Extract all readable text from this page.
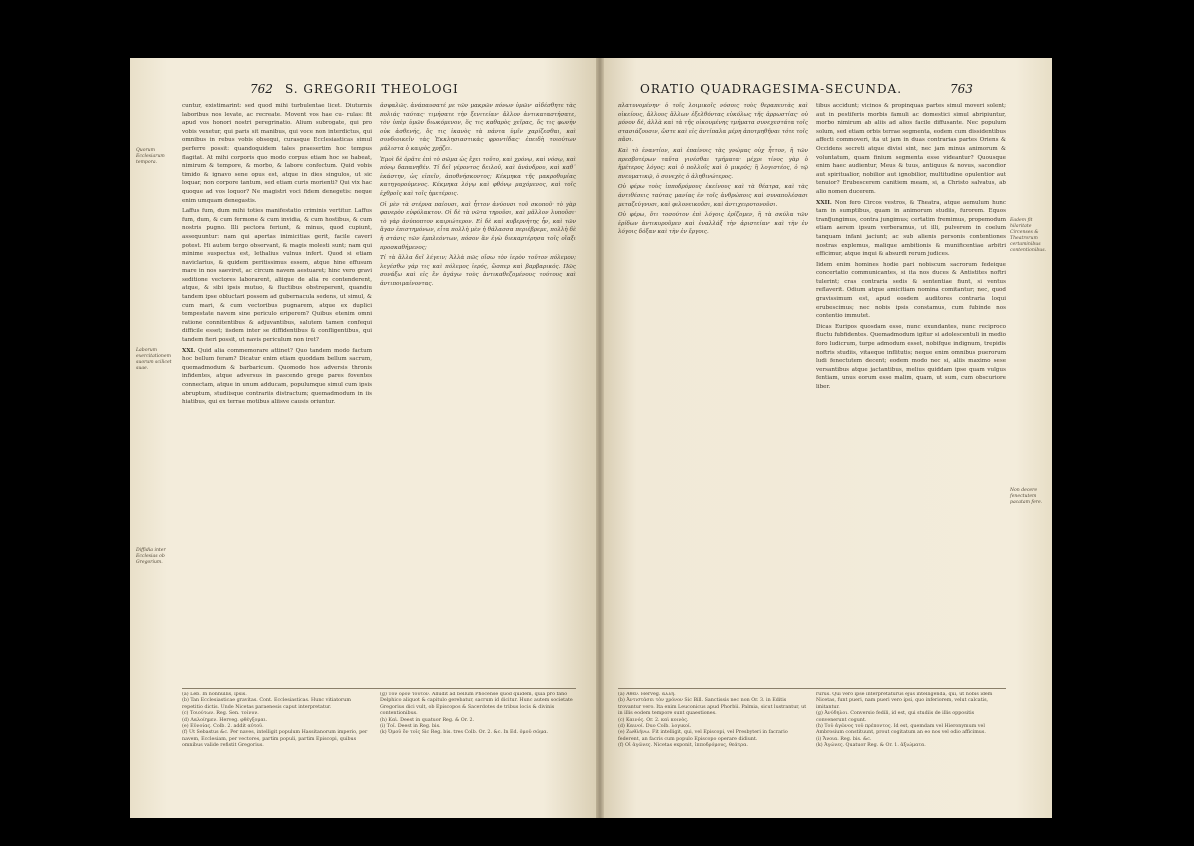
762 S. GREGORII THEOLOGI
Quorum Ecclesiarum tempora.
Laborum exercitationem suorum scilicet suae.
Diffidia inter Ecclesias ob Gregorium.

cuntur, existimarint: sed quod mihi turbulentae licet. Diuturnis laboribus nos levate, ac recreate. Movent vos hae cu- rulas: fit apud vos honori nostri peregrinatio. Alium subrogate, qui pro vobis vexetur, qui paris sit manibus, qui voce non interdictus, qui omnibus in rebus vobis obsequi, curasque Ecclesiasticas simul perferre possit: quandoquidem tales praesertim hoc tempus flagitat. At mihi corporis quo modo corpus etiam hoc se habeat, nimirum & tempore, & morbo, & labore confectum. Quid vobis timido & ignavo sene opus est, atque in dies singulos, ut sic loquar, non corpore tantum, sed etiam curis morienti? Qui vix hac quoque ad vos loquor? Ne magistri voci fidem denegetis: neque enim umquam denegastis.

Laffus fum, dum mihi toties manifestatio criminis vertitur. Laffus fum, dum, & cum fermone & cum invidia, & cum hostibus, & cum nostris pugno. Illi pectora feriunt, & minus, quod cupiunt, assequuntur: nam qui apertas inimicitias gerit, facile caveri potest. Hi autem tergo observant, & magis molesti sunt; nam qui minime suspectus est, lethalius vulnus infert. Quod si etiam naviclarius, & quidem peritissimus essem, atque hine effusum mare in nos saeviret, ac circum navem aestuaret; hinc vero gravi seditione vectores laborarent, aliique de alia re contenderent, atque, & sibi ipsis mutuo, & fluctibus obstreperent, quandiu tandem ipse obluctari possem ad gubernacula sedens, ut simul, & cum mari, & cum vectoribus pugnarem, atque ex duplici tempestate navem sine periculo eriperem? Quibus etenim omni ratione connitentibus & adjuvantibus, salutem tamen confequi difficile esset; iisdem inter se diffidentibus & confligentibus, qui tandem fieri possit, ut navis periculum non iret?

XXI. Quid alia commemorare attinet? Quo tandem modo factum hoc bellum feram? Dicatur enim etiam quoddam bellum sacrum, quemadmodum & barbaricum. Quomodo hos adversis thronis infidentes, atque adversus in pascendo grege pares foventes connectam, atque in unum adducam, populumque simul cum ipsis abruptum, studiisque contrariis distractum; quemadmodum in iis hiatibus, qui ex terrae motibus aliisve causis oriuntur.

ἀσφαλῶς. ἀνάπαυσατέ με τῶν μακρῶν πόνων ὑμῶν· αἰδέσθητε τὰς πολιάς ταύτας· τιμήσατε τὴν ξενιτείαν· ἄλλον ἀντικαταστήσατε, τὸν ὑπὲρ ὑμῶν διωκόμενον, ὅς τις καθαρὸς χεῖρας, ὅς τις φωνὴν οὐκ ἀσθενής, ὅς τις ἱκανὸς τὰ πάντα ὑμῖν χαρίζεσθαι, καὶ συνδιοικεῖν τὰς Ἐκκλησιαστικὰς φροντίδας· ἐπειδὴ τοιούτων μάλιστα ὁ καιρὸς χρῄζει.

Ἐμοὶ δὲ ὁρᾶτε ἐπὶ τὸ σῶμα ὡς ἔχει τοῦτο, καὶ χρόνῳ, καὶ νόσῳ, καὶ πόνῳ δαπανηθέν. Τί δεῖ γέροντος δειλοῦ, καὶ ἀνάνδρου, καὶ καθ᾽ ἑκάστην, ὡς εἰπεῖν, ἀποθνήσκοντος; Κέκμηκα τῆς μακροθυμίας κατηγορούμενος. Κέκμηκα λόγῳ καὶ φθόνῳ μαχόμενος, καὶ τοῖς ἐχθροῖς καὶ τοῖς ἡμετέροις.

Οἱ μὲν τὰ στέρνα παίουσι, καὶ ἧττον ἀνύουσι τοῦ σκοποῦ· τὸ γὰρ φανερὸν εὐφύλακτον. Οἱ δὲ τὰ νῶτα τηροῦσι, καὶ μᾶλλον λυποῦσι· τὸ γὰρ ἀνύποπτον καιριώτερον. Εἰ δὲ καὶ κυβερνήτης ἦν, καὶ τῶν ἄγαν ἐπιστημόνων, εἶτα πολλὴ μὲν ἡ θάλασσα περιέβρεμε, πολλὴ δὲ ἡ στάσις τῶν ἐμπλεόντων, πόσον ἂν ἐγὼ διεκαρτέρησα τοῖς οἴαξι προσκαθήμενος;

Τί τὰ ἄλλα δεῖ λέγειν; Ἀλλὰ πῶς οἴσω τὸν ἱερὸν τοῦτον πόλεμον; λεγέσθω γάρ τις καὶ πόλεμος ἱερός, ὥσπερ καὶ βαρβαρικός. Πῶς συνάξω καὶ εἰς ἓν ἀγάγω τοὺς ἀντικαθεζομένους τούτους καὶ ἀντιποιμαίνοντας.

(a) Leb. In nonnullis, ipsis.
(b) Tan Ecclesiasticae gravitas. Cont. Ecclesiasticas. Hunc vitiatorum repetitio dictis. Unde Nicetas paraenesis caput interpretatur.
(c) Τοιούτων. Reg. Sen. τοίνυν.
(d) Λαλοίημεν. Herveg. φθέγξομαι.
(e) Εὐνοίας. Colb. 2. addit αὐτοῦ.
(f) Ut Sebastus &c. Per naves, intelligit populum Hassitanorum imperio, per navem, Ecclesiam, per vectores, partim populi, partim Episcopi, quibus omnibus valide refistit Gregorius.
(g) Τὸν ὅρον τοῦτον. Alludit ad bellum Phocense quod quidem, quia pro fano Delphico aliquot & capitulo gerebatur, sacrum id dicitur. Hunc autem societate Gregorius dici vult, ob Episcopos & Sacerdotes de tribus locis & divinis contentionibus.
(h) Καὶ. Deest in quatuor Reg. & Or. 2.
(i) Τοῖ. Deest in Reg. bis.
(k) Ὁμοῦ ὄν τοῖς Sic Reg. bis. tres Colb. Or. 2. &c. In Ed. ὁμοῦ σῶμα.
ORATIO QUADRAGESIMA-SECUNDA.	763

πλατυνομένην· ὁ τοῖς λοιμικοῖς νόσοις τοὺς θεραπευτὰς καὶ οἰκείους, ἄλλους ἄλλων ἐξελθόντας εὐκόλως τῆς ἀρρωστίας· οὐ μόνον δέ, ἀλλὰ καὶ τὰ τῆς οἰκουμένης τμήματα συνεχεστάτα τοῖς στασιάζουσιν, ὥστε καὶ εἰς ἀντίπαλα μέρη ἀποτμηθῆναι τότε τοῖς πᾶσι.

Καὶ τὸ ἐναντίον, καὶ ἐπαίνοις τὰς γνώμας οὐχ ἧττον, ἢ τῶν πρεσβυτέρων ταῦτα γινέσθαι τμήματα· μέχρι τίνος γὰρ ὁ ἡμέτερος λόγος; καὶ ὁ πολλοῖς καὶ ὁ μικρός; ἢ λογιστέος, ὁ τῷ πνευματικῷ, ὁ συνεχὲς ὁ ἀληθινώτερος.

Οὐ φέρω τοὺς ἱπποδρόμους ἐκείνους καὶ τὰ θέατρα, καὶ τὰς ἀντιθέσεις ταύτας μανίας ἐν τοῖς ἀνθρώποις καὶ συναπολέσασι μεταζεύγνυσι, καὶ φιλονεικοῦσι, καὶ ἀντιχειροτονοῦσι.

Οὐ φέρω, ὅτι τοσούτον ἐπὶ λόγοις ἐρίζομεν, ἢ τὰ σκύλα τῶν ἐρίδων ἀντικυροῦμεν καὶ ἐναλλάξ τὴν ἀριστείαν· καὶ τὴν ἐν λόγοις δόξαν καὶ τὴν ἐν ἔργοις.

tibus accidunt; vicinos & propinquas partes simul moveri solent; aut in pestiferis morbis famuli ac domestici simul abripiuntur, morbo nimirum ab aliis ad alios facile diffusante. Nec populum solum, sed etiam orbis terrae segmenta, eodem cum dissidentibus affecti commoveri, ita ut jam in duas contrarias partes Oriens & Occidens secreti atque divisi sint, nec jam minus animorum & voluntatum, quam finium segmenta esse videantur? Quousque enim haec audientur, Meus & tuus, antiquus & novus, sacondior aut spiritualior, nobilior aut ignobilior, multitudine opulentior aut tenuior? Erubescerem canitiem meam, si, a Christo salvatus, ab alio nomen ducerem.

XXII. Non fero Circos vestros, & Theatra, atque aemulum hunc tam in sumptibus, quam in animorum studiis, furorem. Equos tranfjungimus, contra jungimus; certatim fremimus, propemodum etiam aerem ipsum verberamus, ut illi, pulverem in coelum tanquam infani jaciunt; ac sub alienis personis contentiones nostras explemus, malique ambitionis & munificentiae arbitri efficimur, atque inqui & absurdi rerum judices.

Iidem enim homines hodie pari nobiscum sacrorum fedeique concertatio communicantes, si ita nos duces & Antistites noftri tulerint; cras contraria sedis & sententiae fiunt, si ventus reflaverit. Odium atque amicitiam nomina comitantur; nec, quod gravissimum est, apud eosdem auditores contraria loqui erubescimus; nec nobis ipsis constamus, cum fubinde nos contentio immutet.

Dicas Euripos quosdam esse, nunc exundantes, nunc reciproco fluctu fubfidentes. Quemadmodum igitur si adolescentuli in medio foro ludicrum, turpe admodum esset, nobifque indignum, trepidis noftris studiis, vitaeque inflitutis; neque enim omnibus puerorum ludi fenectutem decent; eodem modo nec si, aliis maximo sese versantibus atque jactantibus, melius quiddam ipse quam vulgus fentiam, unus eorum esse malim, quam, ut sum, cum obscuriore liber.

Eadem fit hilaritate Circenses & Theatrorum certaminibus contentionibus.
Non decere fenectutem pacatam fere.
(a) Ἀθεν. Herveg. ἄλλη.
(b) Ἀντιστάσει τὸν χρόνον Sic Bill. Sanctissis nec non Or. 3. in Editis trovantur vero. Ita enim Leuconicus apud Phorbii. Palmia, sicut lustrantur, ut in illis eodem tempore sunt quaestiones.
(c) Καινός. Or. 2. καὶ κοινὸς.
(d) Καινοί. Duo Colb. λογικοί.
(e) Ζωθλήνω. Fit intelligit, qui, vel Episcopi, vel Presbyteri in facrario federent, an facris cum populo Episcopo operare didiunt.
(f) Οἱ ἀγῶνες. Nicetas exponit, ἱπποδρόμους, θεάτρα.
rurus. Qui vero ipse interpretaturus ejus intelligenda, qui, ut nobis idem Nicetas, funt pueri, nam pueri vero ipsi, quo inferiorem, velut calcatis, imitantur.
(g) Ἀνύδηλοι. Conversio fedili, id est, qui studiis de illis oppositis convenerunt cogunt.
(h) Τοῦ ἀγῶνος τοῦ πρέποντος. Id est, quemdam vel Hieronymum vel Ambrosium constituunt, prout cogitatum an eo nos vel odio afficimus.
(i) Ἄνοια. Reg. bis. &c.
(k) Ἀγώνες. Quatuor Reg. & Or. 1. ἀξιώματα.
